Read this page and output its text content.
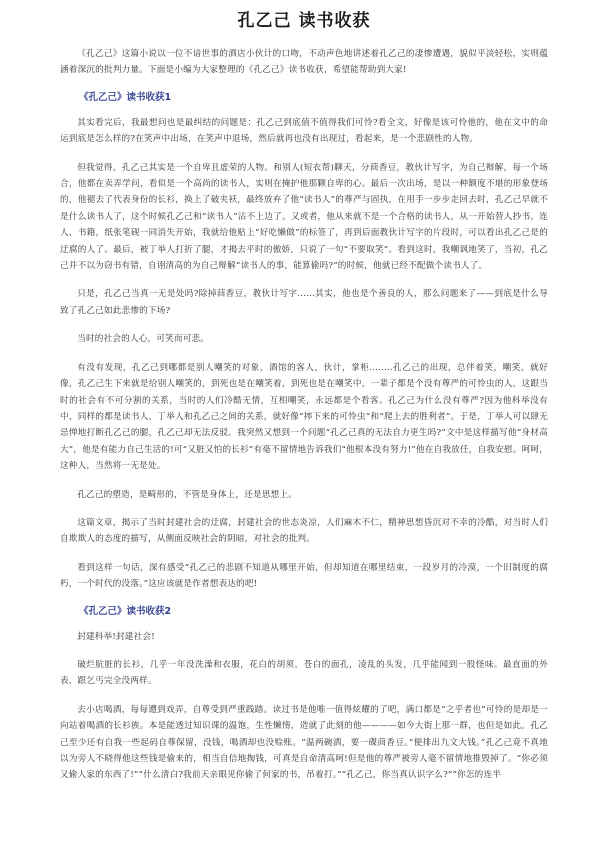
孔乙己 读书收获

《孔乙己》这篇小说以一位不谙世事的酒店小伙计的口吻，不动声色地讲述着孔乙己的凄惨遭遇，貌似平淡轻松，实则蕴涵着深沉的批判力量。下面是小编为大家整理的《孔乙己》读书收获，希望能帮助到大家!

《孔乙己》读书收获1

其实看完后，我最想问也是最纠结的问题是：孔乙己到底值不值得我们可怜?看全文，好像是该可怜他的，他在文中的命运到底是怎么样的?在笑声中出场，在笑声中退场，然后就再也没有出现过，看起来，是一个悲剧性的人物。

但我觉得，孔乙己其实是一个自卑且虚荣的人物。和别人(短衣帮)聊天，分茴香豆，教伙计写字，为自己辩解，每一个场合，他都在卖弄学问，看似是一个高尚的读书人，实则在掩护他那颗自卑的心。最后一次出场，是以一种额度不堪的形象登场的，他褪去了代表身份的长衫，换上了破夹袄，最终放弃了他“读书人”的尊严与固执，在用手一步步走回去时，孔乙己早就不是什么读书人了，这个时候孔乙己和“读书人”沾不上边了。又或者，他从来就不是一个合格的读书人，从一开始替人抄书，连人，书籍，纸张笔砚一同消失开始，我就给他贴上“好吃懒做”的标签了，再到后面教伙计写字的片段时，可以看出孔乙己是的迂腐的人了。最后，被丁举人打折了腿，才揭去平时的傲娇，只说了一句“不要取笑”。看到这时，我嘲讽地笑了，当初，孔乙己并不以为窃书有错，自诩清高的为自己辩解“读书人的事，能算偷吗?”的时候，他就已经不配做个读书人了。

只是，孔乙己当真一无是处吗?除掉茴香豆，教伙计写字......其实，他也是个善良的人，那么问题来了——到底是什么导致了孔乙己如此悲惨的下场?

当时的社会的人心，可笑而可悲。

有没有发现，孔乙己到哪都是别人嘲笑的对象，酒馆的客人，伙计，掌柜........孔乙己的出现，总伴着笑，嘲笑，就好像，孔乙己生下来就是给别人嘲笑的，到死也是在嘲笑着，到死也是在嘲笑中，一辈子都是个没有尊严的可怜虫的人，这跟当时的社会有不可分割的关系，当时的人们冷酷无情，互相嘲笑，永远都是个看客。孔乙己为什么没有尊严?因为他科举没有中，同样的都是读书人，丁举人和孔乙己之间的关系，就好像“摔下来的可怜虫”和“爬上去的胜利者”。于是，丁举人可以肆无忌惮地打断孔乙己的腿，孔乙己却无法反驳。我突然又想到一个问题“孔乙己真的无法自力更生吗?”文中是这样描写他“身材高大”，他是有能力自己生活的!可“又脏又怕的长衫”有毫不留情地告诉我们“他根本没有努力!”他在自我放任，自我安慰。呵呵，这种人，当然将一无是处。

孔乙己的塑造，是畸形的，不管是身体上，还是思想上。

这篇文章，揭示了当时封建社会的迂腐，封建社会的世态炎凉，人们麻木不仁，精神思想昏沉对不幸的冷酷，对当时人们自欺欺人的态度的描写，从侧面反映社会的阴暗，对社会的批判。

看到这样一句话，深有感受“孔乙己的悲剧不知道从哪里开始，但却知道在哪里结束，一段岁月的冷漠，一个旧制度的腐朽，一个时代的没落。”这应该就是作者想表达的吧!

《孔乙己》读书收获2

封建科举!封建社会!

破烂肮脏的长衫，几乎一年没洗澡和衣服，花白的胡须，苍白的面孔，凌乱的头发，几乎能闻到一股怪味。最直面的外表，跟乞丐完全没两样。

去小店喝酒，每每遭到戏弄，自尊受到严重践踏。读过书是他唯一值得炫耀的了吧，满口都是“之乎者也”可怜的是却是一向站着喝酒的长衫族。本是能透过知识课的温饱，生性懒惰，造就了此刻的他————如今大街上那一群，也但是如此。孔乙己至少还有自我一些起码自尊保留，没钱，喝酒却也没赊账。“温两碗酒，要一碟茴香豆。”便排出九文大钱。”孔乙己竟不真地以为旁人不晓得他这些钱是偷来的，相当自信地掏钱，可真是自命清高呵!但是他的尊严被旁人毫不留情地推毁掉了。“你必须又偷人家的东西了!”“什么清白?我前天亲眼见你偷了何家的书，吊着打。”“孔乙己，你当真认识字么?”“你怎的连半
